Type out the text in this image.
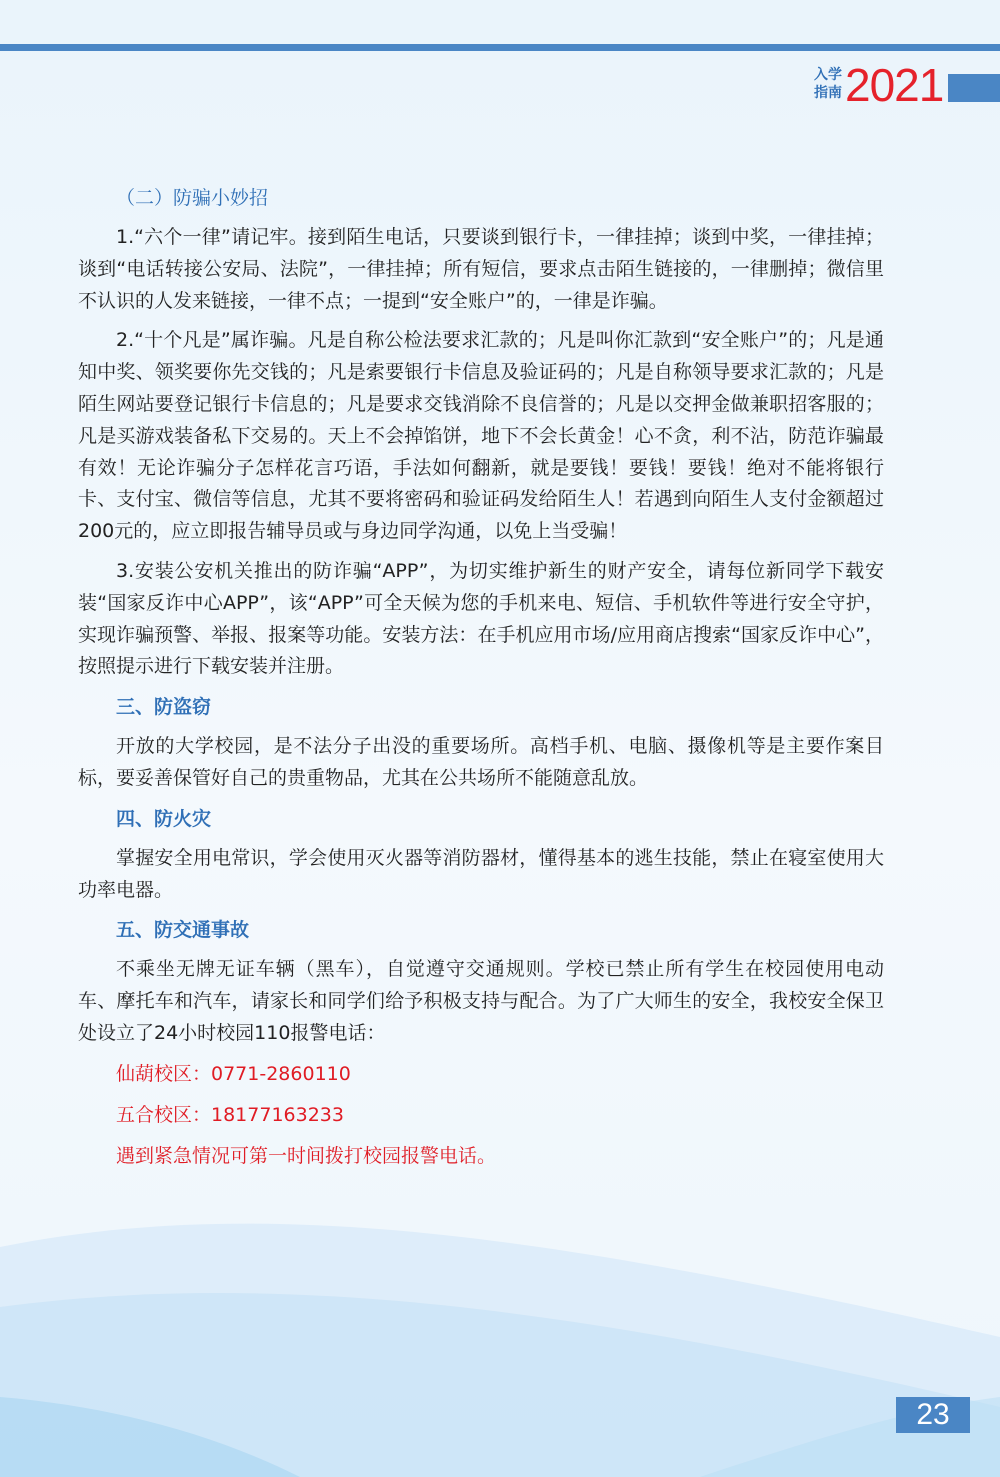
入学指南 2021
（二）防骗小妙招

1.“六个一律”请记牢。接到陌生电话，只要谈到银行卡，一律挂掉；谈到中奖，一律挂掉；谈到“电话转接公安局、法院”，一律挂掉；所有短信，要求点击陌生链接的，一律删掉；微信里不认识的人发来链接，一律不点；一提到“安全账户”的，一律是诈骗。

2.“十个凡是”属诈骗。凡是自称公检法要求汇款的；凡是叫你汇款到“安全账户”的；凡是通知中奖、领奖要你先交钱的；凡是索要银行卡信息及验证码的；凡是自称领导要求汇款的；凡是陌生网站要登记银行卡信息的；凡是要求交钱消除不良信誉的；凡是以交押金做兼职招客服的；凡是买游戏装备私下交易的。天上不会掉馅饼，地下不会长黄金！心不贪，利不沾，防范诈骗最有效！无论诈骗分子怎样花言巧语，手法如何翻新，就是要钱！要钱！要钱！绝对不能将银行卡、支付宝、微信等信息，尤其不要将密码和验证码发给陌生人！若遇到向陌生人支付金额超过200元的，应立即报告辅导员或与身边同学沟通，以免上当受骗！

3.安装公安机关推出的防诈骗“APP”，为切实维护新生的财产安全，请每位新同学下载安装“国家反诈中心APP”，该“APP”可全天候为您的手机来电、短信、手机软件等进行安全守护，实现诈骗预警、举报、报案等功能。安装方法：在手机应用市场/应用商店搜索“国家反诈中心”，按照提示进行下载安装并注册。

三、防盗窃

开放的大学校园，是不法分子出没的重要场所。高档手机、电脑、摄像机等是主要作案目标，要妥善保管好自己的贵重物品，尤其在公共场所不能随意乱放。

四、防火灾

掌握安全用电常识，学会使用灭火器等消防器材，懂得基本的逃生技能，禁止在寝室使用大功率电器。

五、防交通事故

不乘坐无牌无证车辆（黑车），自觉遵守交通规则。学校已禁止所有学生在校园使用电动车、摩托车和汽车，请家长和同学们给予积极支持与配合。为了广大师生的安全，我校安全保卫处设立了24小时校园110报警电话：

仙葫校区：0771-2860110
五合校区：18177163233
遇到紧急情况可第一时间拨打校园报警电话。
23
